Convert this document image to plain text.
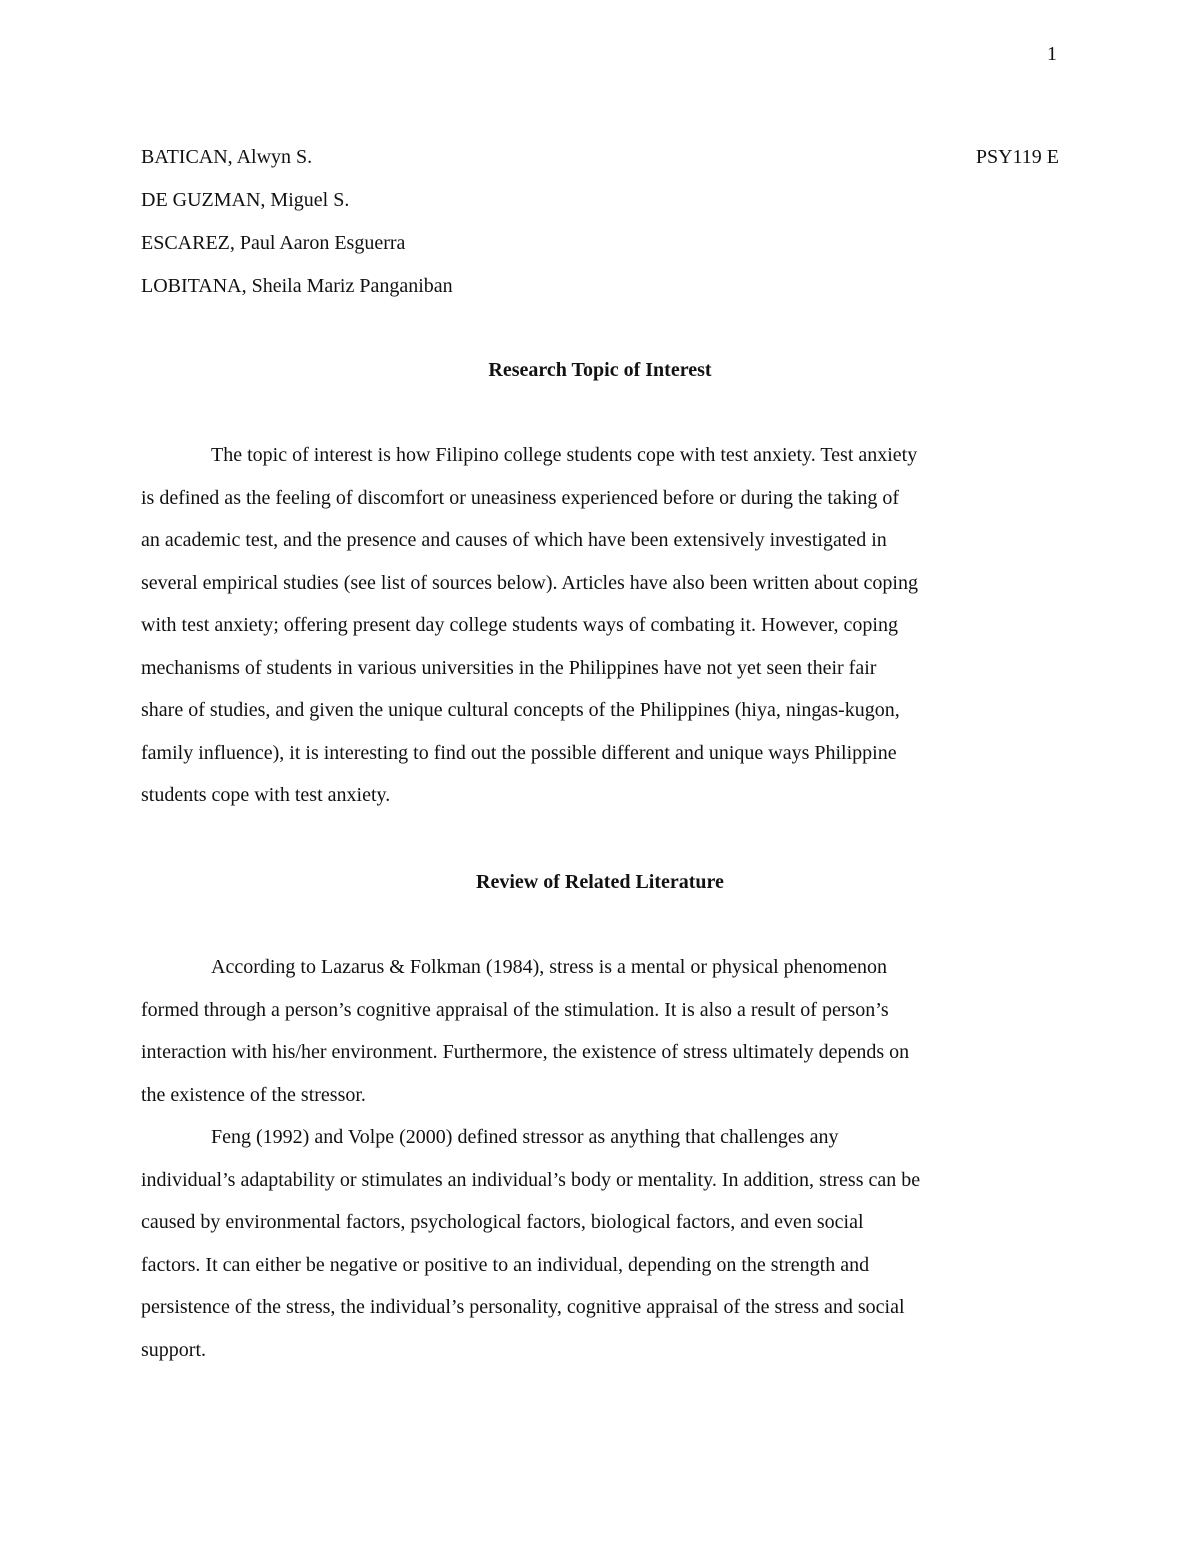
1
BATICAN, Alwyn S.	PSY119 E
DE GUZMAN, Miguel S.
ESCAREZ, Paul Aaron Esguerra
LOBITANA, Sheila Mariz Panganiban
Research Topic of Interest
The topic of interest is how Filipino college students cope with test anxiety. Test anxiety
is defined as the feeling of discomfort or uneasiness experienced before or during the taking of
an academic test, and the presence and causes of which have been extensively investigated in
several empirical studies (see list of sources below). Articles have also been written about coping
with test anxiety; offering present day college students ways of combating it. However, coping
mechanisms of students in various universities in the Philippines have not yet seen their fair
share of studies, and given the unique cultural concepts of the Philippines (hiya, ningas-kugon,
family influence), it is interesting to find out the possible different and unique ways Philippine
students cope with test anxiety.
Review of Related Literature
According to Lazarus & Folkman (1984), stress is a mental or physical phenomenon
formed through a person’s cognitive appraisal of the stimulation. It is also a result of person’s
interaction with his/her environment. Furthermore, the existence of stress ultimately depends on
the existence of the stressor.
Feng (1992) and Volpe (2000) defined stressor as anything that challenges any
individual’s adaptability or stimulates an individual’s body or mentality. In addition, stress can be
caused by environmental factors, psychological factors, biological factors, and even social
factors. It can either be negative or positive to an individual, depending on the strength and
persistence of the stress, the individual’s personality, cognitive appraisal of the stress and social
support.
